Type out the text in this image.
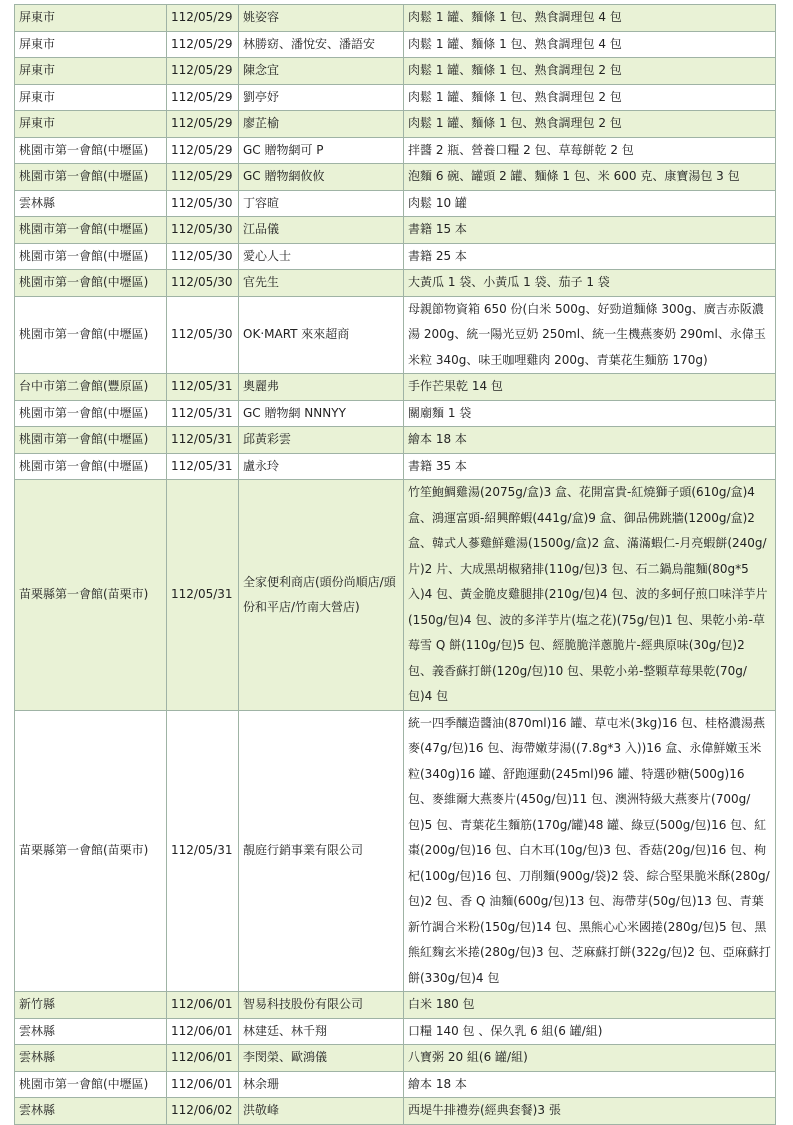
屏東市	112/05/29	姚姿容	肉鬆 1 罐、麵條 1 包、熟食調理包 4 包
屏東市	112/05/29	林勝窈、潘悅安、潘語安	肉鬆 1 罐、麵條 1 包、熟食調理包 4 包
屏東市	112/05/29	陳念宜	肉鬆 1 罐、麵條 1 包、熟食調理包 2 包
屏東市	112/05/29	劉亭妤	肉鬆 1 罐、麵條 1 包、熟食調理包 2 包
屏東市	112/05/29	廖芷榆	肉鬆 1 罐、麵條 1 包、熟食調理包 2 包
桃園市第一會館(中壢區)	112/05/29	GC 贈物網可 P	拌醬 2 瓶、營養口糧 2 包、草莓餅乾 2 包
桃園市第一會館(中壢區)	112/05/29	GC 贈物網攸攸	泡麵 6 碗、罐頭 2 罐、麵條 1 包、米 600 克、康寶湯包 3 包
雲林縣	112/05/30	丁容暄	肉鬆 10 罐
桃園市第一會館(中壢區)	112/05/30	江品儀	書籍 15 本
桃園市第一會館(中壢區)	112/05/30	愛心人士	書籍 25 本
桃園市第一會館(中壢區)	112/05/30	官先生	大黃瓜 1 袋、小黃瓜 1 袋、茄子 1 袋
桃園市第一會館(中壢區)	112/05/30	OK‧MART 來來超商	母親節物資箱 650 份(白米 500g、好勁道麵條 300g、廣吉赤阪濃湯 200g、統一陽光豆奶 250ml、統一生機燕麥奶 290ml、永偉玉米粒 340g、味王咖哩雞肉 200g、青葉花生麵筋 170g)
台中市第二會館(豐原區)	112/05/31	奧麗弗	手作芒果乾 14 包
桃園市第一會館(中壢區)	112/05/31	GC 贈物網 NNNYY	關廟麵 1 袋
桃園市第一會館(中壢區)	112/05/31	邱黃彩雲	繪本 18 本
桃園市第一會館(中壢區)	112/05/31	盧永玲	書籍 35 本
苗栗縣第一會館(苗栗市)	112/05/31	全家便利商店(頭份尚順店/頭份和平店/竹南大營店)	竹笙鮑鯛雞湯(2075g/盒)3 盒、花開富貴-紅燒獅子頭(610g/盒)4 盒、鴻運富頭-紹興醉蝦(441g/盒)9 盒、御品佛跳牆(1200g/盒)2 盒、韓式人蔘雞鮮雞湯(1500g/盒)2 盒、滿滿蝦仁-月亮蝦餅(240g/片)2 片、大成黑胡椒豬排(110g/包)3 包、石二鍋烏龍麵(80g*5 入)4 包、黃金脆皮雞腿排(210g/包)4 包、波的多蚵仔煎口味洋芋片(150g/包)4 包、波的多洋芋片(塩之花)(75g/包)1 包、果乾小弟-草莓雪 Q 餅(110g/包)5 包、經脆脆洋蔥脆片-經典原味(30g/包)2 包、義香蘇打餅(120g/包)10 包、果乾小弟-整顆草莓果乾(70g/包)4 包
苗栗縣第一會館(苗栗市)	112/05/31	靚庭行銷事業有限公司	統一四季釀造醬油(870ml)16 罐、草屯米(3kg)16 包、桂格濃湯燕麥(47g/包)16 包、海帶嫩芽湯((7.8g*3 入))16 盒、永偉鮮嫩玉米粒(340g)16 罐、舒跑運動(245ml)96 罐、特選砂糖(500g)16 包、麥維爾大燕麥片(450g/包)11 包、澳洲特級大燕麥片(700g/包)5 包、青葉花生麵筋(170g/罐)48 罐、綠豆(500g/包)16 包、紅棗(200g/包)16 包、白木耳(10g/包)3 包、香菇(20g/包)16 包、枸杞(100g/包)16 包、刀削麵(900g/袋)2 袋、綜合堅果脆米酥(280g/包)2 包、香 Q 油麵(600g/包)13 包、海帶芽(50g/包)13 包、青葉新竹調合米粉(150g/包)14 包、黑熊心心米國捲(280g/包)5 包、黑熊紅麴玄米捲(280g/包)3 包、芝麻蘇打餅(322g/包)2 包、亞麻蘇打餅(330g/包)4 包
新竹縣	112/06/01	智易科技股份有限公司	白米 180 包
雲林縣	112/06/01	林建廷、林千翔	口糧 140 包 、保久乳 6 組(6 罐/組)
雲林縣	112/06/01	李閔榮、歐鴻儀	八寶粥 20 組(6 罐/組)
桃園市第一會館(中壢區)	112/06/01	林余珊	繪本 18 本
雲林縣	112/06/02	洪敬峰	西堤牛排禮券(經典套餐)3 張
